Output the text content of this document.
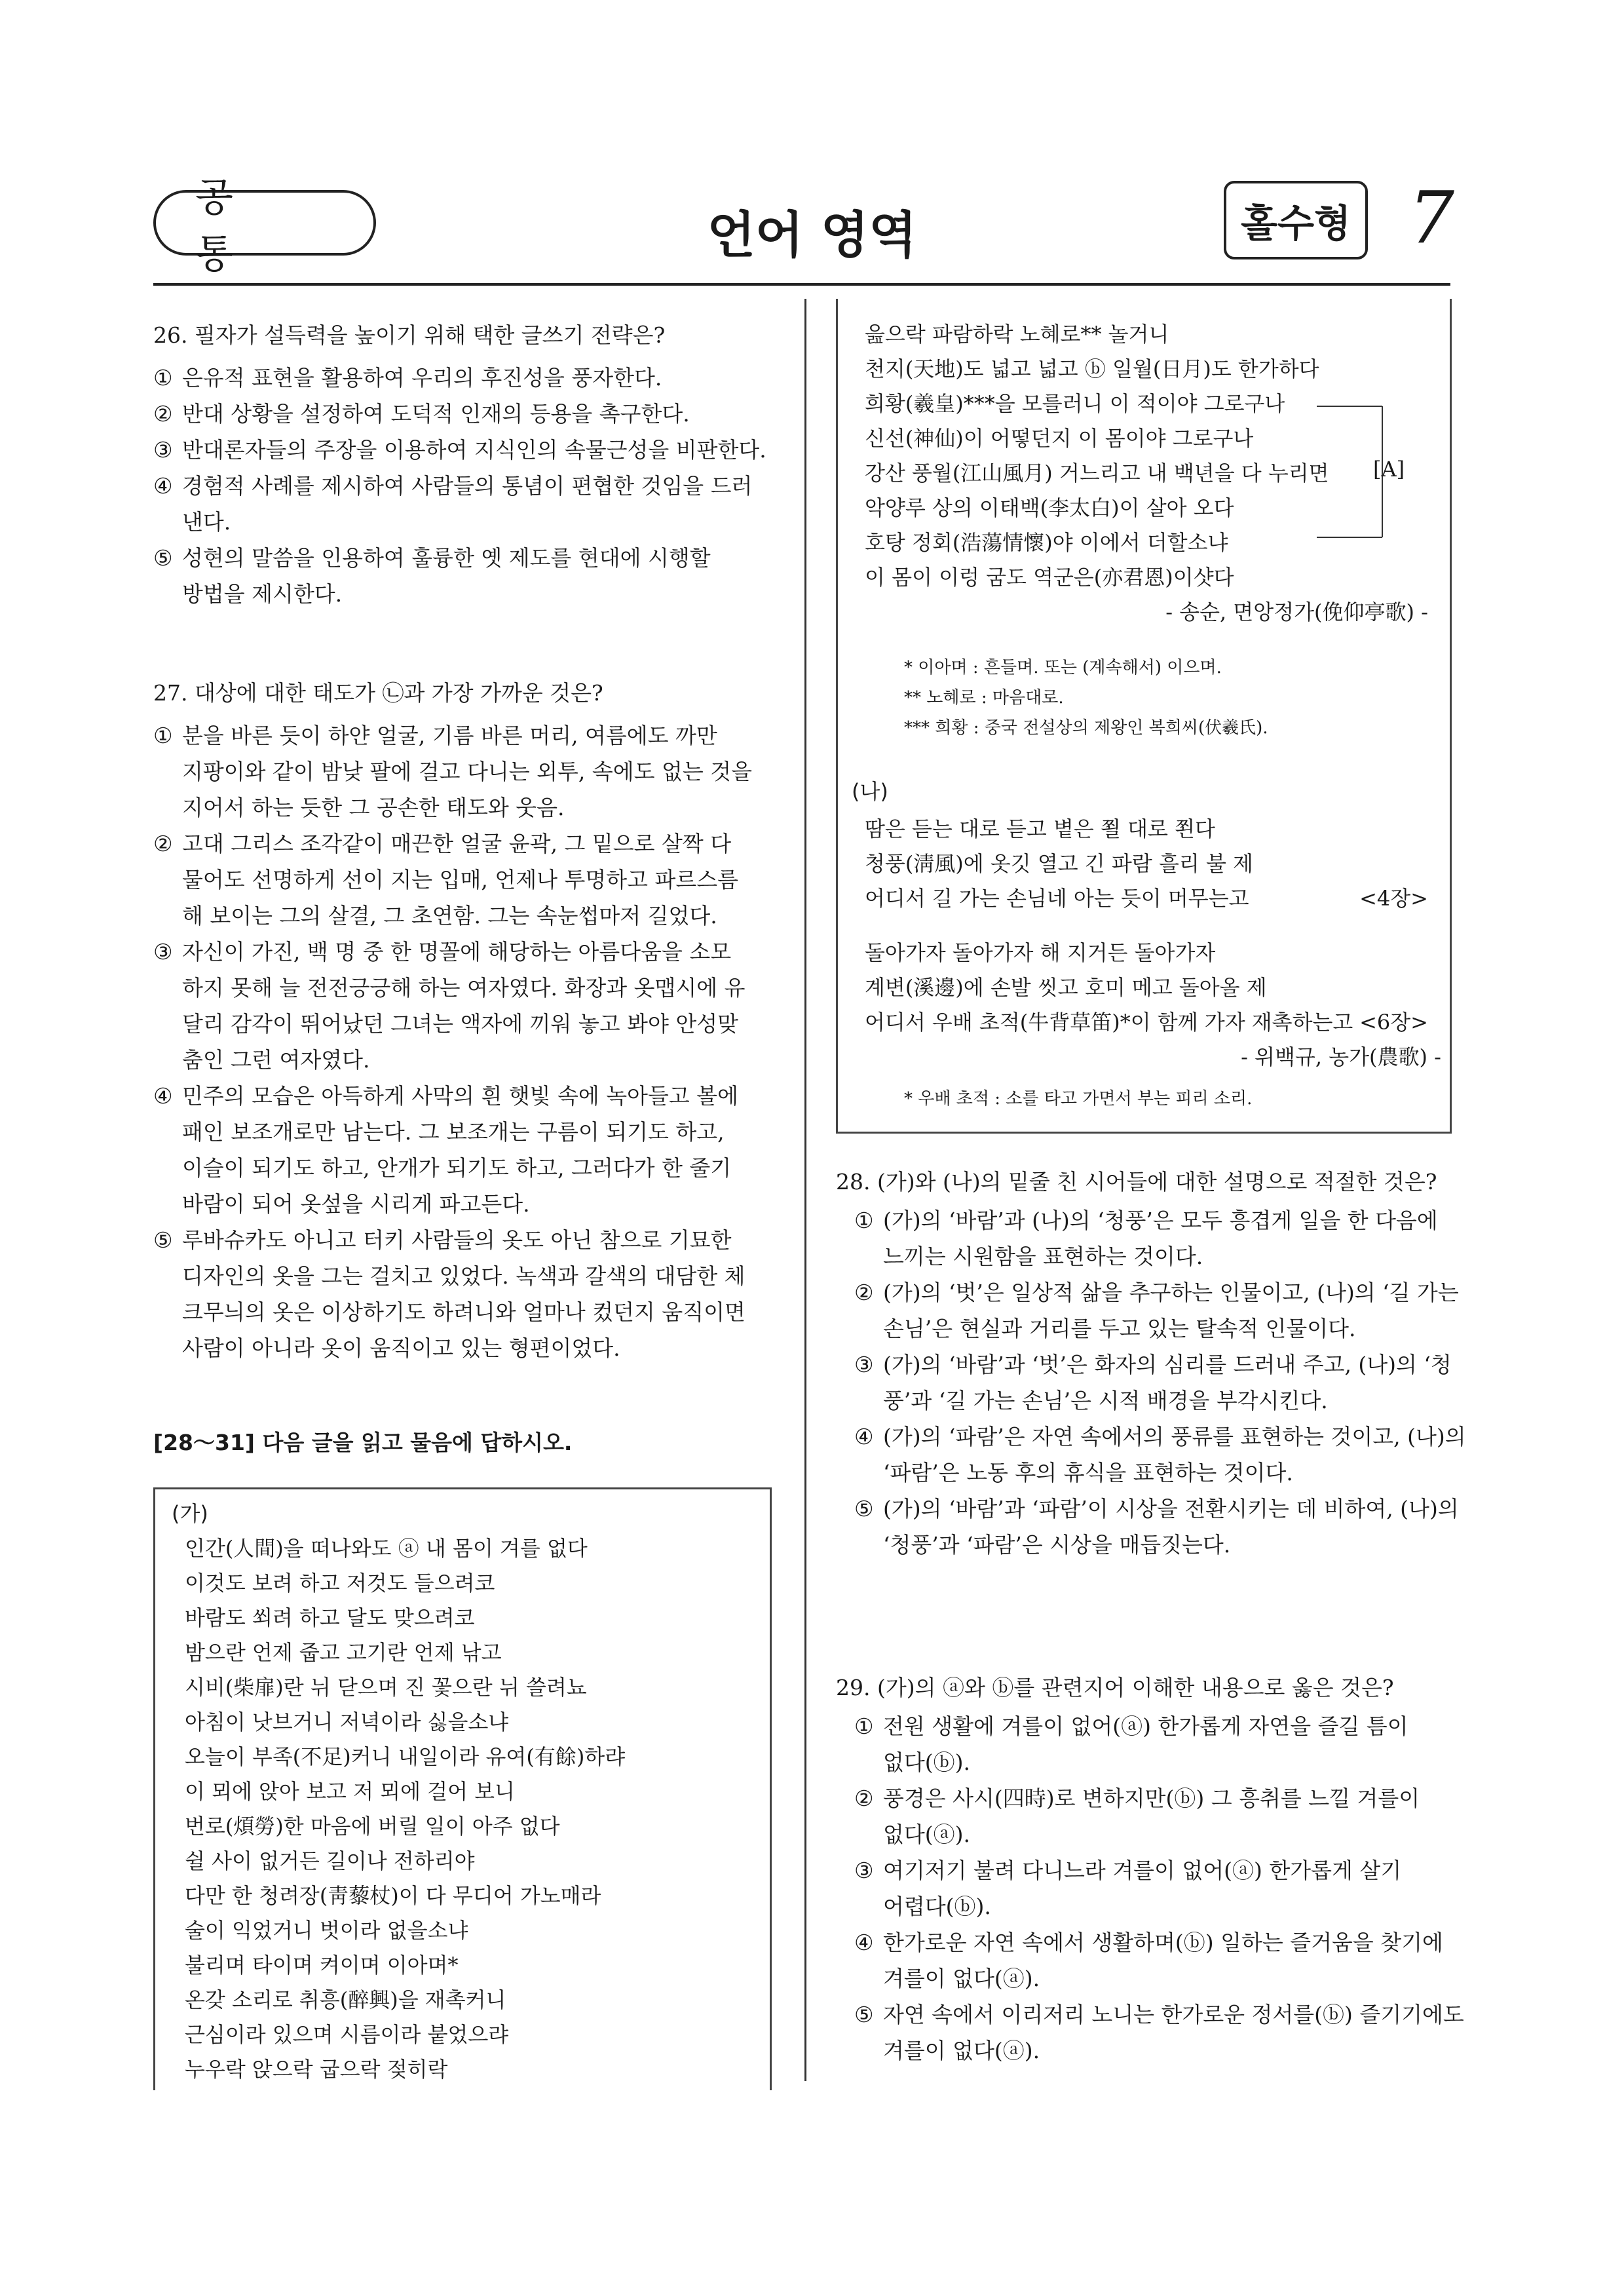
공 통	언어 영역	홀수형 7

26. 필자가 설득력을 높이기 위해 택한 글쓰기 전략은?

① 은유적 표현을 활용하여 우리의 후진성을 풍자한다.
② 반대 상황을 설정하여 도덕적 인재의 등용을 촉구한다.
③ 반대론자들의 주장을 이용하여 지식인의 속물근성을 비판한다.
④ 경험적 사례를 제시하여 사람들의 통념이 편협한 것임을 드러
낸다.
⑤ 성현의 말씀을 인용하여 훌륭한 옛 제도를 현대에 시행할
방법을 제시한다.

27. 대상에 대한 태도가 ㉡과 가장 가까운 것은?

① 분을 바른 듯이 하얀 얼굴, 기름 바른 머리, 여름에도 까만
지팡이와 같이 밤낮 팔에 걸고 다니는 외투, 속에도 없는 것을
지어서 하는 듯한 그 공손한 태도와 웃음.
② 고대 그리스 조각같이 매끈한 얼굴 윤곽, 그 밑으로 살짝 다
물어도 선명하게 선이 지는 입매, 언제나 투명하고 파르스름
해 보이는 그의 살결, 그 초연함. 그는 속눈썹마저 길었다.
③ 자신이 가진, 백 명 중 한 명꼴에 해당하는 아름다움을 소모
하지 못해 늘 전전긍긍해 하는 여자였다. 화장과 옷맵시에 유
달리 감각이 뛰어났던 그녀는 액자에 끼워 놓고 봐야 안성맞
춤인 그런 여자였다.
④ 민주의 모습은 아득하게 사막의 흰 햇빛 속에 녹아들고 볼에
패인 보조개로만 남는다. 그 보조개는 구름이 되기도 하고,
이슬이 되기도 하고, 안개가 되기도 하고, 그러다가 한 줄기
바람이 되어 옷섶을 시리게 파고든다.
⑤ 루바슈카도 아니고 터키 사람들의 옷도 아닌 참으로 기묘한
디자인의 옷을 그는 걸치고 있었다. 녹색과 갈색의 대담한 체
크무늬의 옷은 이상하기도 하려니와 얼마나 컸던지 움직이면
사람이 아니라 옷이 움직이고 있는 형편이었다.
[28～31] 다음 글을 읽고 물음에 답하시오.
(가)
인간(人間)을 떠나와도 ⓐ 내 몸이 겨를 없다
이것도 보려 하고 저것도 들으려코
바람도 쐬려 하고 달도 맞으려코
밤으란 언제 줍고 고기란 언제 낚고
시비(柴扉)란 뉘 닫으며 진 꽃으란 뉘 쓸려뇨
아침이 낫브거니 저녁이라 싫을소냐
오늘이 부족(不足)커니 내일이라 유여(有餘)하랴
이 뫼에 앉아 보고 저 뫼에 걸어 보니
번로(煩勞)한 마음에 버릴 일이 아주 없다
쉴 사이 없거든 길이나 전하리야
다만 한 청려장(靑藜杖)이 다 무디어 가노매라
술이 익었거니 벗이라 없을소냐
불리며 타이며 켜이며 이아며*
온갖 소리로 취흥(醉興)을 재촉커니
근심이라 있으며 시름이라 붙었으랴
누우락 앉으락 굽으락 젖히락
읊으락 파람하락 노혜로** 놀거니
천지(天地)도 넓고 넓고 ⓑ 일월(日月)도 한가하다
희황(羲皇)***을 모를러니 이 적이야 그로구나
신선(神仙)이 어떻던지 이 몸이야 그로구나
강산 풍월(江山風月) 거느리고 내 백년을 다 누리면
악양루 상의 이태백(李太白)이 살아 오다
호탕 정회(浩蕩情懷)야 이에서 더할소냐
이 몸이 이렁 굼도 역군은(亦君恩)이샷다
- 송순, 면앙정가(俛仰亭歌) -
[A]
* 이아며 : 흔들며. 또는 (계속해서) 이으며.
** 노혜로 : 마음대로.
*** 희황 : 중국 전설상의 제왕인 복희씨(伏羲氏).
(나)
땀은 듣는 대로 듣고 볕은 쬘 대로 쬔다
청풍(淸風)에 옷깃 열고 긴 파람 흘리 불 제
어디서 길 가는 손님네 아는 듯이 머무는고	<4장>
돌아가자 돌아가자 해 지거든 돌아가자
계변(溪邊)에 손발 씻고 호미 메고 돌아올 제
어디서 우배 초적(牛背草笛)*이 함께 가자 재촉하는고 <6장>
- 위백규, 농가(農歌) -
* 우배 초적 : 소를 타고 가면서 부는 피리 소리.

28. (가)와 (나)의 밑줄 친 시어들에 대한 설명으로 적절한 것은?

① (가)의 ‘바람’과 (나)의 ‘청풍’은 모두 흥겹게 일을 한 다음에
느끼는 시원함을 표현하는 것이다.
② (가)의 ‘벗’은 일상적 삶을 추구하는 인물이고, (나)의 ‘길 가는
손님’은 현실과 거리를 두고 있는 탈속적 인물이다.
③ (가)의 ‘바람’과 ‘벗’은 화자의 심리를 드러내 주고, (나)의 ‘청
풍’과 ‘길 가는 손님’은 시적 배경을 부각시킨다.
④ (가)의 ‘파람’은 자연 속에서의 풍류를 표현하는 것이고, (나)의
‘파람’은 노동 후의 휴식을 표현하는 것이다.
⑤ (가)의 ‘바람’과 ‘파람’이 시상을 전환시키는 데 비하여, (나)의
‘청풍’과 ‘파람’은 시상을 매듭짓는다.

29. (가)의 ⓐ와 ⓑ를 관련지어 이해한 내용으로 옳은 것은?

① 전원 생활에 겨를이 없어(ⓐ) 한가롭게 자연을 즐길 틈이
없다(ⓑ).
② 풍경은 사시(四時)로 변하지만(ⓑ) 그 흥취를 느낄 겨를이
없다(ⓐ).
③ 여기저기 불려 다니느라 겨를이 없어(ⓐ) 한가롭게 살기
어렵다(ⓑ).
④ 한가로운 자연 속에서 생활하며(ⓑ) 일하는 즐거움을 찾기에
겨를이 없다(ⓐ).
⑤ 자연 속에서 이리저리 노니는 한가로운 정서를(ⓑ) 즐기기에도
겨를이 없다(ⓐ).
